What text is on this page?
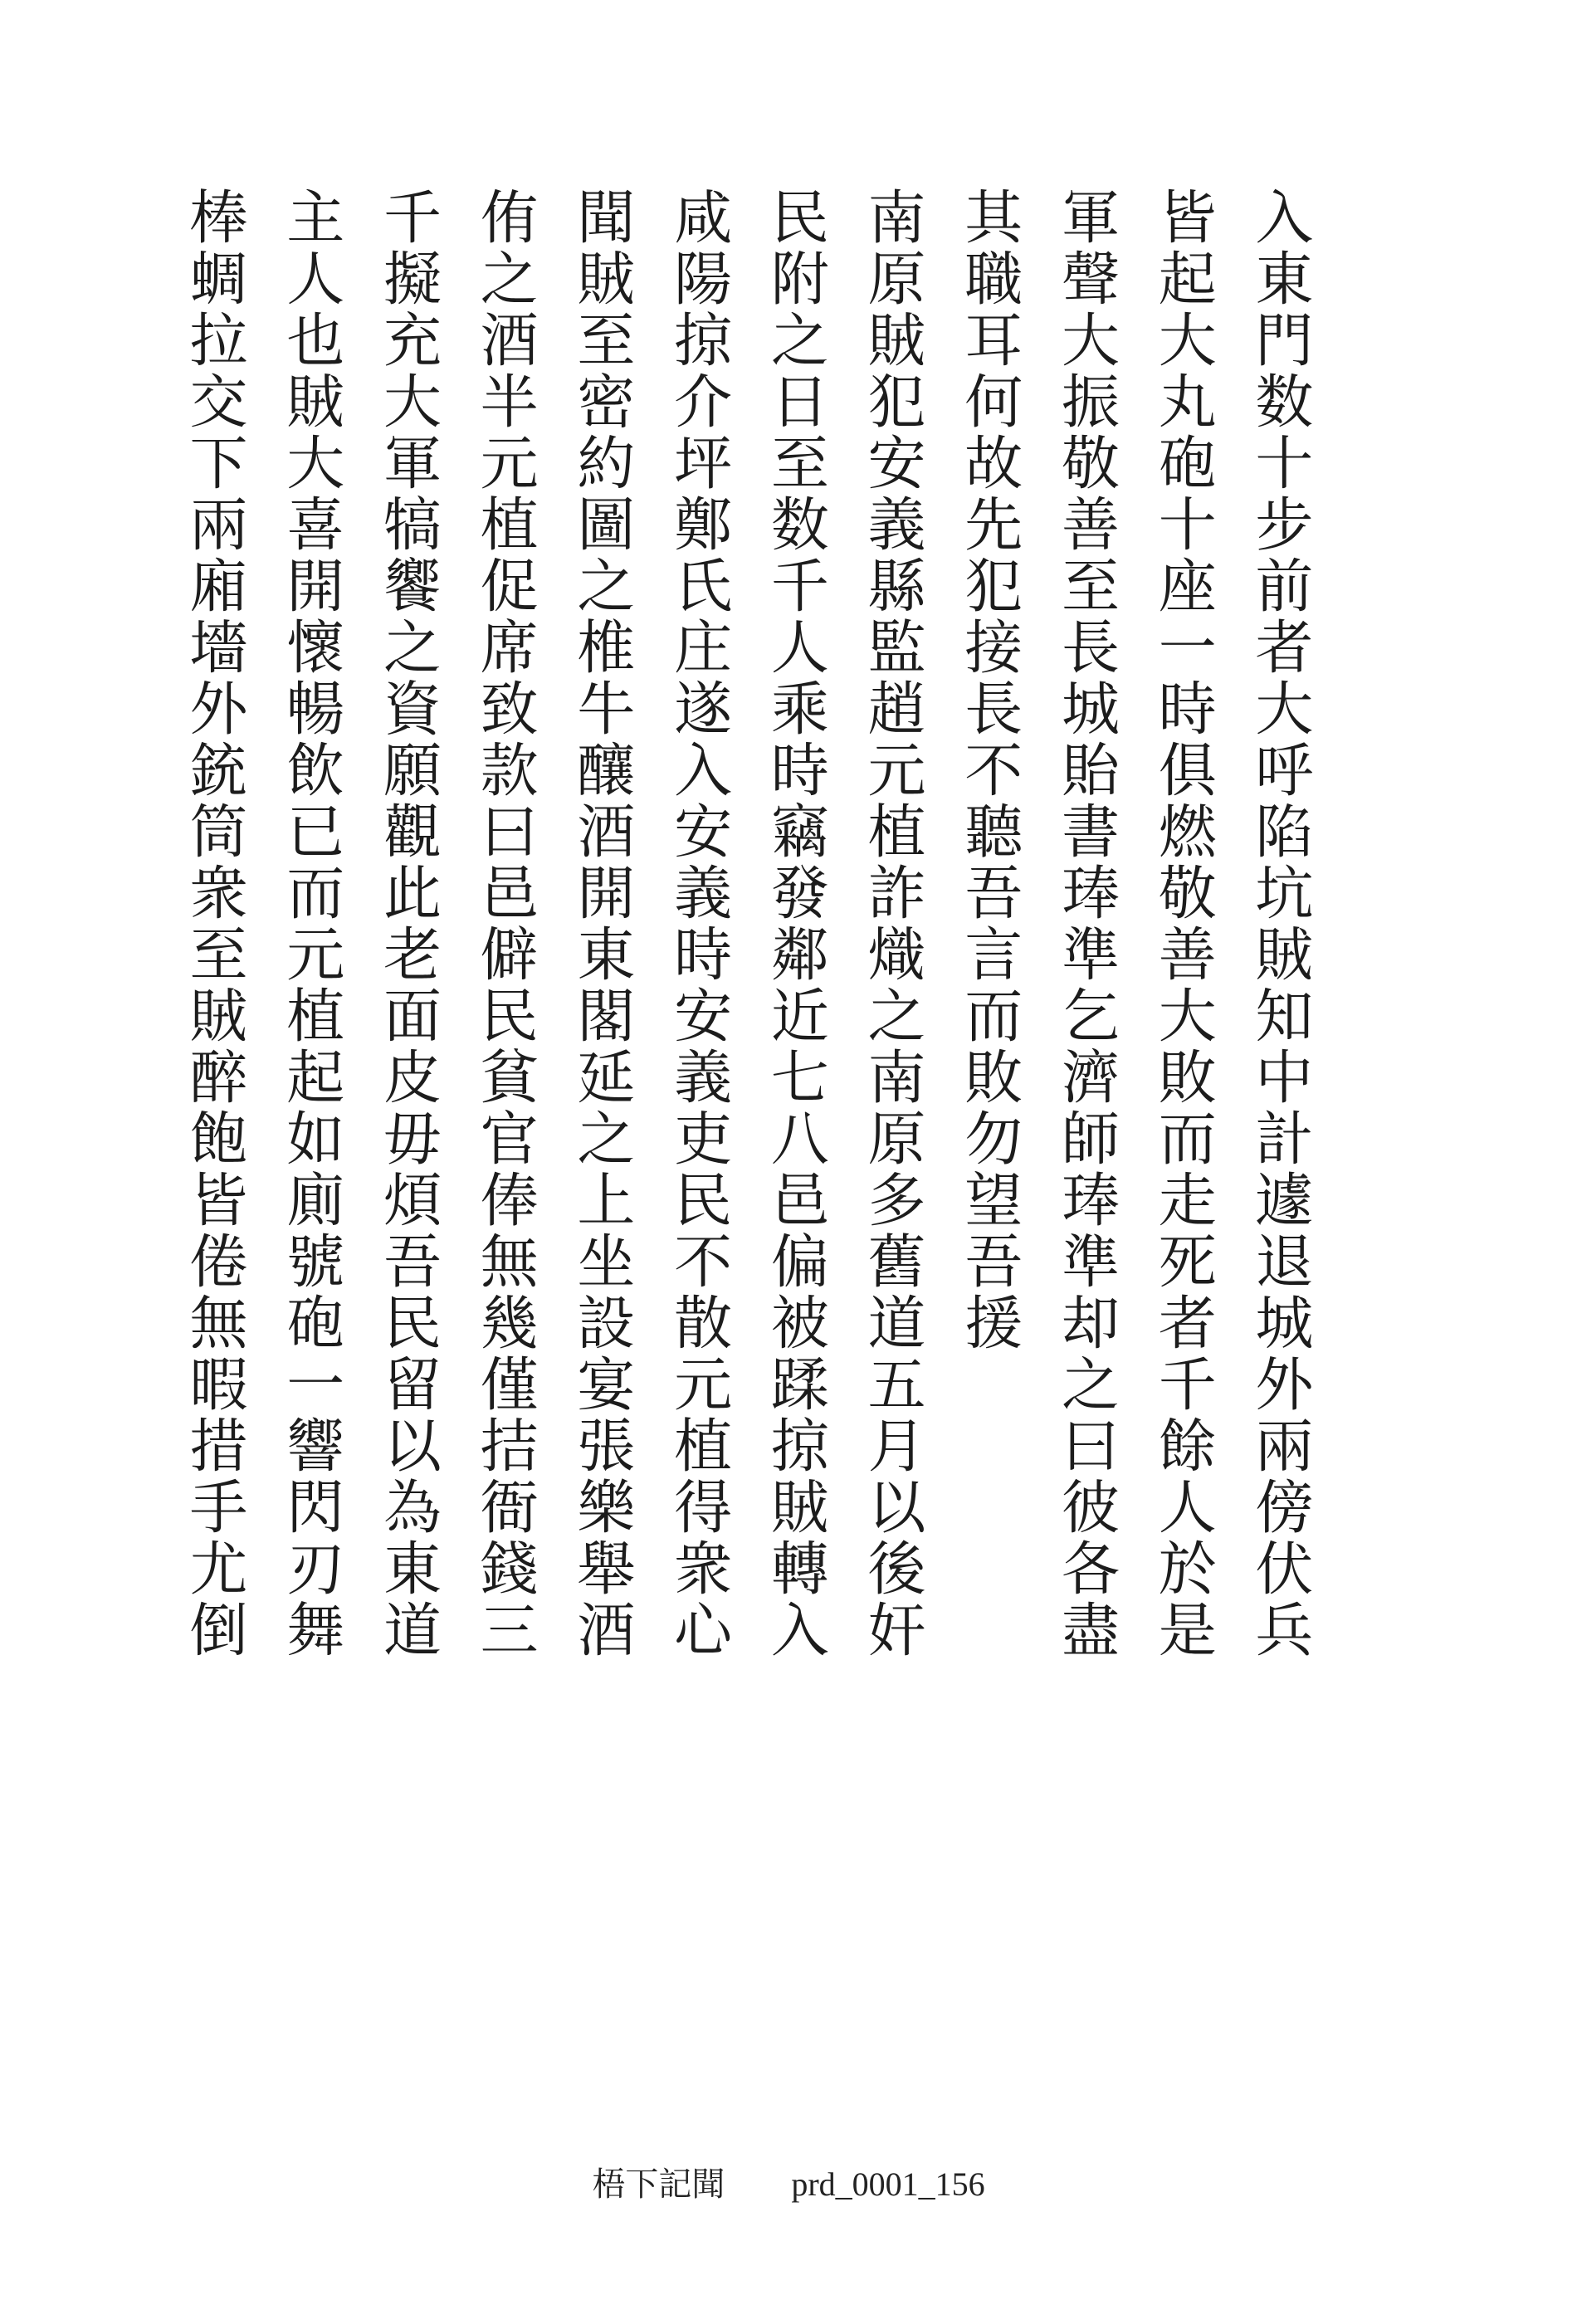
入東門数十步前者大呼陷坑賊知中計遽退城外兩傍伏兵
皆起大丸砲十座一時俱燃敬善大敗而走死者千餘人於是
軍聲大振敬善至長城貽書琫準乞濟師琫準却之曰彼各盡
其職耳何故先犯接長不聽吾言而敗勿望吾援
南原賊犯安義縣監趙元植詐熾之南原多舊道五月以後奸
民附之日至数千人乘時竊發鄰近七八邑偏被蹂掠賊轉入
咸陽掠介坪鄭氏庄遂入安義時安義吏民不散元植得衆心
聞賊至密約圖之椎牛釀酒開東閣延之上坐設宴張樂舉酒
侑之酒半元植促席致款曰邑僻民貧官俸無幾僅拮衙錢三
千擬充大軍犒饗之資願觀此老面皮毋煩吾民留以為東道
主人也賊大喜開懷暢飲已而元植起如廁號砲一響閃刃舞
棒蜩拉交下兩廂墻外銃筒衆至賊醉飽皆倦無暇措手尤倒
梧下記聞 prd_0001_156
